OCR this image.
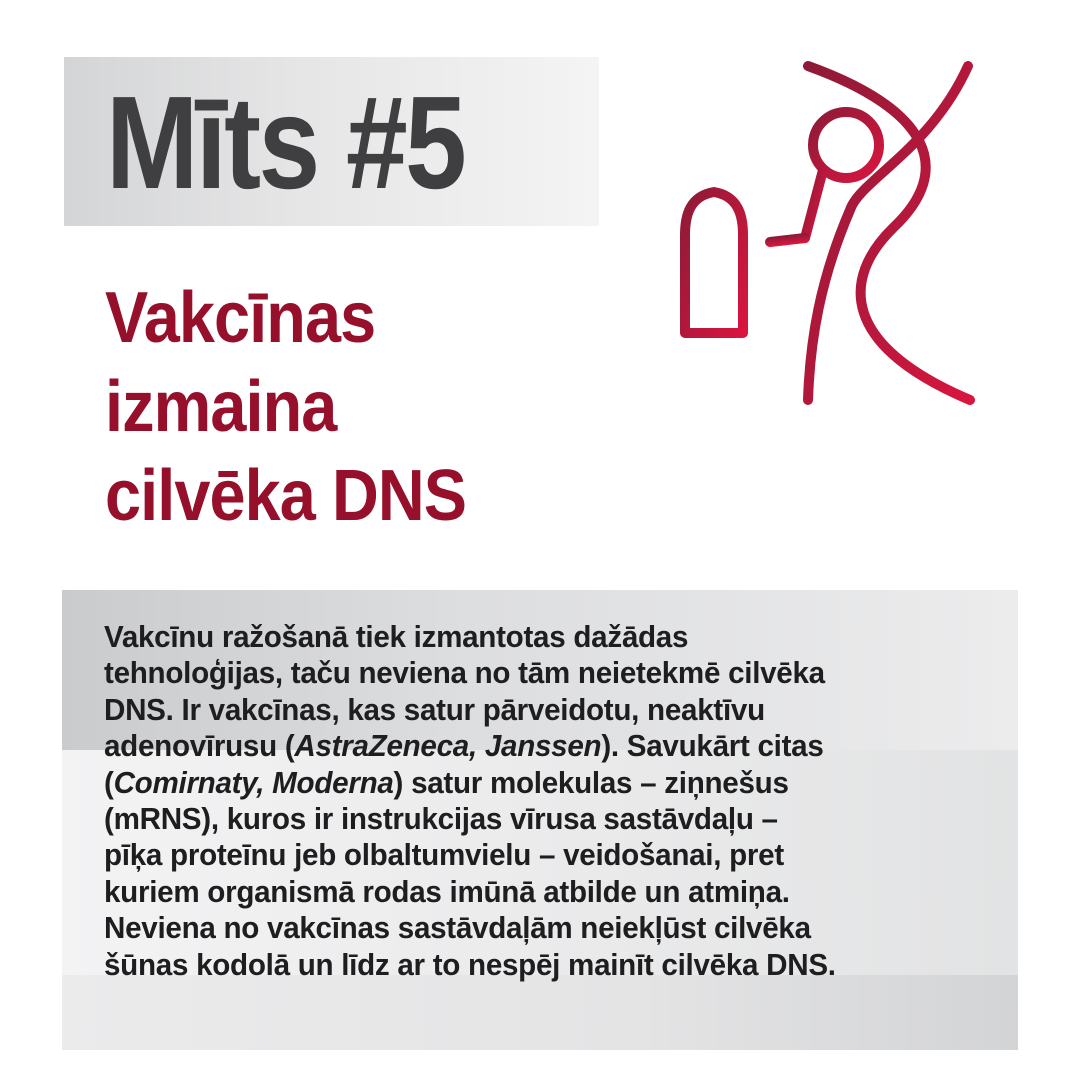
Mīts #5
Vakcīnas
izmaina
cilvēka DNS

Vakcīnu ražošanā tiek izmantotas dažādas
tehnoloģijas, taču neviena no tām neietekmē cilvēka
DNS. Ir vakcīnas, kas satur pārveidotu, neaktīvu
adenovīrusu (AstraZeneca, Janssen). Savukārt citas
(Comirnaty, Moderna) satur molekulas – ziņnešus
(mRNS), kuros ir instrukcijas vīrusa sastāvdaļu –
pīķa proteīnu jeb olbaltumvielu – veidošanai, pret
kuriem organismā rodas imūnā atbilde un atmiņa.
Neviena no vakcīnas sastāvdaļām neiekļūst cilvēka
šūnas kodolā un līdz ar to nespēj mainīt cilvēka DNS.
